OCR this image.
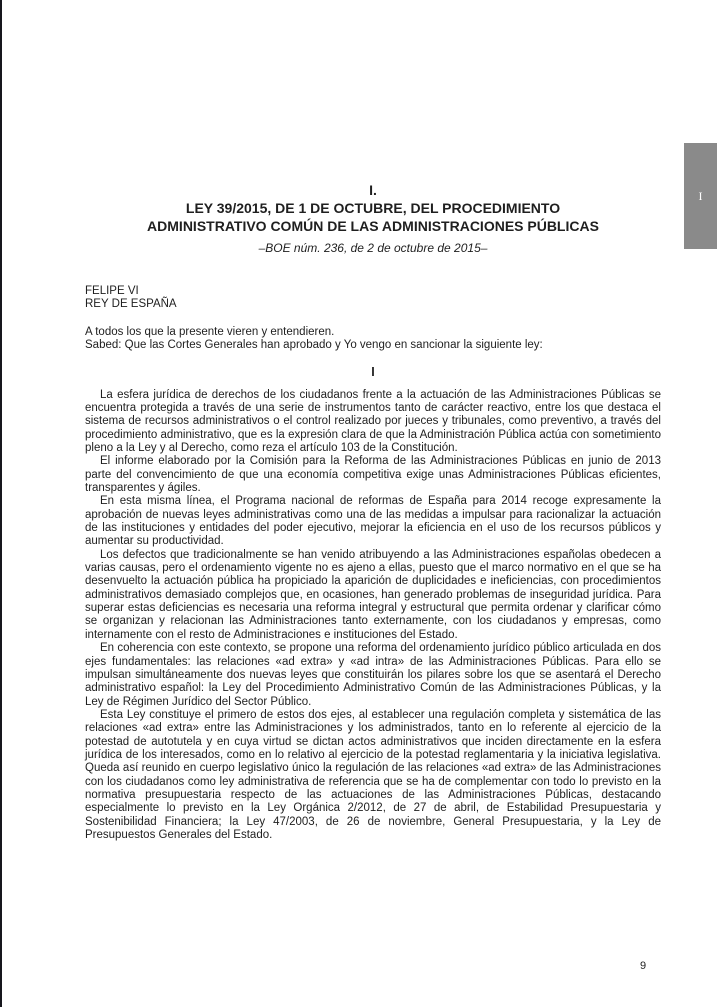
I
I.
LEY 39/2015, DE 1 DE OCTUBRE, DEL PROCEDIMIENTO
ADMINISTRATIVO COMÚN DE LAS ADMINISTRACIONES PÚBLICAS
–BOE núm. 236, de 2 de octubre de 2015–
FELIPE VI
REY DE ESPAÑA
A todos los que la presente vieren y entendieren.
Sabed: Que las Cortes Generales han aprobado y Yo vengo en sancionar la siguiente ley:
I

La esfera jurídica de derechos de los ciudadanos frente a la actuación de las Administraciones Públicas se encuentra protegida a través de una serie de instrumentos tanto de carácter reactivo, entre los que destaca el sistema de recursos administrativos o el control realizado por jueces y tribunales, como preventivo, a través del procedimiento administrativo, que es la expresión clara de que la Administración Pública actúa con sometimiento pleno a la Ley y al Derecho, como reza el artículo 103 de la Constitución.

El informe elaborado por la Comisión para la Reforma de las Administraciones Públicas en junio de 2013 parte del convencimiento de que una economía competitiva exige unas Administraciones Públicas eficientes, transparentes y ágiles.

En esta misma línea, el Programa nacional de reformas de España para 2014 recoge expresamente la aprobación de nuevas leyes administrativas como una de las medidas a impulsar para racionalizar la actuación de las instituciones y entidades del poder ejecutivo, mejorar la eficiencia en el uso de los recursos públicos y aumentar su productividad.

Los defectos que tradicionalmente se han venido atribuyendo a las Administraciones españolas obedecen a varias causas, pero el ordenamiento vigente no es ajeno a ellas, puesto que el marco normativo en el que se ha desenvuelto la actuación pública ha propiciado la aparición de duplicidades e ineficiencias, con procedimientos administrativos demasiado complejos que, en ocasiones, han generado problemas de inseguridad jurídica. Para superar estas deficiencias es necesaria una reforma integral y estructural que permita ordenar y clarificar cómo se organizan y relacionan las Administraciones tanto externamente, con los ciudadanos y empresas, como internamente con el resto de Administraciones e instituciones del Estado.

En coherencia con este contexto, se propone una reforma del ordenamiento jurídico público articulada en dos ejes fundamentales: las relaciones «ad extra» y «ad intra» de las Administraciones Públicas. Para ello se impulsan simultáneamente dos nuevas leyes que constituirán los pilares sobre los que se asentará el Derecho administrativo español: la Ley del Procedimiento Administrativo Común de las Administraciones Públicas, y la Ley de Régimen Jurídico del Sector Público.

Esta Ley constituye el primero de estos dos ejes, al establecer una regulación completa y sistemática de las relaciones «ad extra» entre las Administraciones y los administrados, tanto en lo referente al ejercicio de la potestad de autotutela y en cuya virtud se dictan actos administrativos que inciden directamente en la esfera jurídica de los interesados, como en lo relativo al ejercicio de la potestad reglamentaria y la iniciativa legislativa. Queda así reunido en cuerpo legislativo único la regulación de las relaciones «ad extra» de las Administraciones con los ciudadanos como ley administrativa de referencia que se ha de complementar con todo lo previsto en la normativa presupuestaria respecto de las actuaciones de las Administraciones Públicas, destacando especialmente lo previsto en la Ley Orgánica 2/2012, de 27 de abril, de Estabilidad Presupuestaria y Sostenibilidad Financiera; la Ley 47/2003, de 26 de noviembre, General Presupuestaria, y la Ley de Presupuestos Generales del Estado.

9
